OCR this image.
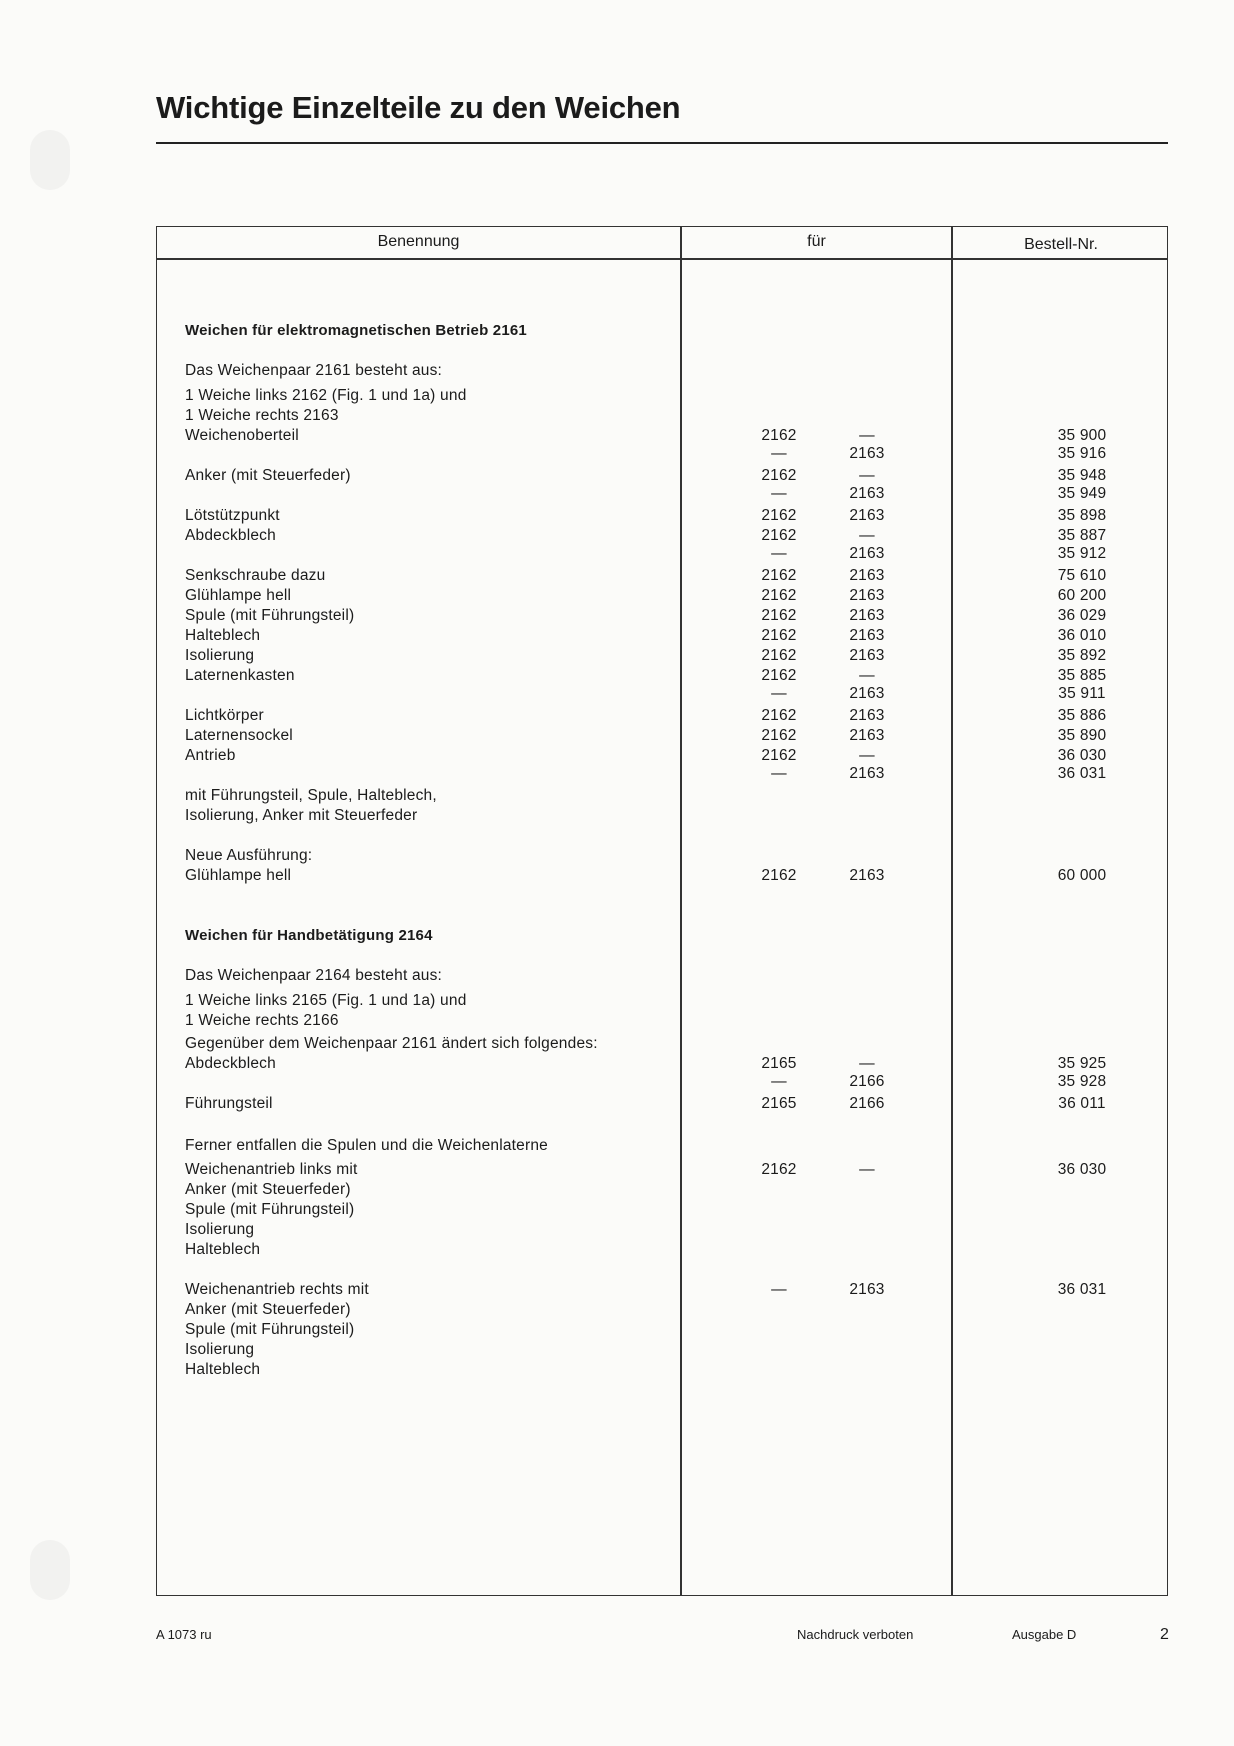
Wichtige Einzelteile zu den Weichen
Benennung	für	Bestell-Nr.
Weichen für elektromagnetischen Betrieb 2161
Das Weichenpaar 2161 besteht aus:
1 Weiche links 2162 (Fig. 1 und 1a) und
1 Weiche rechts 2163
Weichenoberteil	2162	—	35 900
—	2163	35 916
Anker (mit Steuerfeder)	2162	—	35 948
—	2163	35 949
Lötstützpunkt	2162	2163	35 898
Abdeckblech	2162	—	35 887
—	2163	35 912
Senkschraube dazu	2162	2163	75 610
Glühlampe hell	2162	2163	60 200
Spule (mit Führungsteil)	2162	2163	36 029
Halteblech	2162	2163	36 010
Isolierung	2162	2163	35 892
Laternenkasten	2162	—	35 885
—	2163	35 911
Lichtkörper	2162	2163	35 886
Laternensockel	2162	2163	35 890
Antrieb	2162	—	36 030
—	2163	36 031
mit Führungsteil, Spule, Halteblech,
Isolierung, Anker mit Steuerfeder
Neue Ausführung:
Glühlampe hell	2162	2163	60 000
Weichen für Handbetätigung 2164
Das Weichenpaar 2164 besteht aus:
1 Weiche links 2165 (Fig. 1 und 1a) und
1 Weiche rechts 2166
Gegenüber dem Weichenpaar 2161 ändert sich folgendes:
Abdeckblech	2165	—	35 925
—	2166	35 928
Führungsteil	2165	2166	36 011
Ferner entfallen die Spulen und die Weichenlaterne
Weichenantrieb links mit	2162	—	36 030
Anker (mit Steuerfeder)
Spule (mit Führungsteil)
Isolierung
Halteblech
Weichenantrieb rechts mit	—	2163	36 031
Anker (mit Steuerfeder)
Spule (mit Führungsteil)
Isolierung
Halteblech
A 1073 ru	Nachdruck verboten	Ausgabe D	2
